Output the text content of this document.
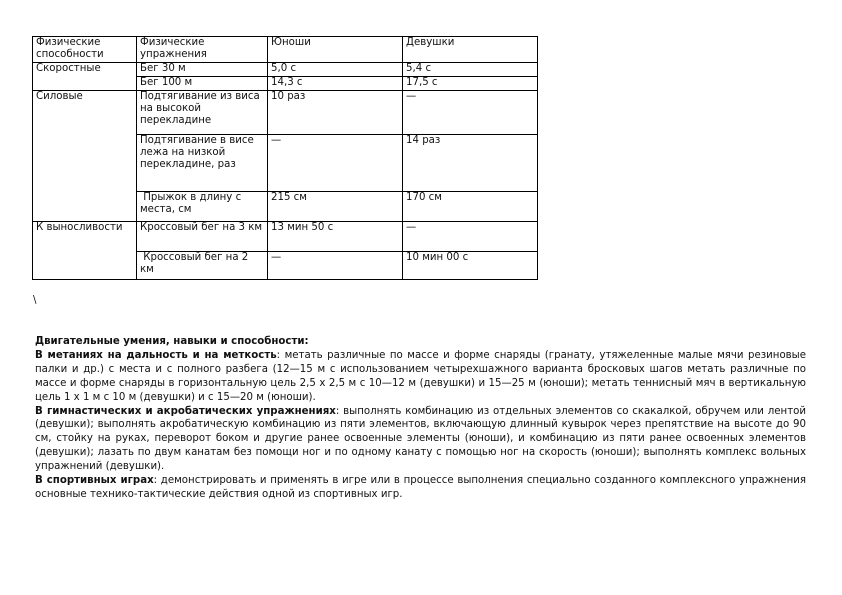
Физические способности	Физические упражнения	Юноши	Девушки
Скоростные	Бег 30 м	5,0 с	5,4 с
	Бег 100 м	14,3 с	17,5 с
Силовые	Подтягивание из виса на высокой перекладине	10 раз	—
	Подтягивание в висе лежа на низкой перекладине, раз	—	14 раз
	Прыжок в длину с места, см	215 см	170 см
К выносливости	Кроссовый бег на 3 км	13 мин 50 с	—
	Кроссовый бег на 2 км	—	10 мин 00 с
\

Двигательные умения, навыки и способности:

В метаниях на дальность и на меткость: метать различные по массе и форме снаряды (гранату, утяжеленные малые мячи резиновые палки и др.) с места и с полного разбега (12—15 м с использованием четырехшажного варианта бросковых шагов метать различные по массе и форме снаряды в горизонтальную цель 2,5 х 2,5 м с 10—12 м (девушки) и 15—25 м (юноши); метать теннисный мяч в вертикальную цель 1 х 1 м с 10 м (девушки) и с 15—20 м (юноши).

В гимнастических и акробатических упражнениях: выполнять комбинацию из отдельных элементов со скакалкой, обручем или лентой (девушки); выполнять акробатическую комбинацию из пяти элементов, включающую длинный кувырок через препятствие на высоте до 90 см, стойку на руках, переворот боком и другие ранее освоенные элементы (юноши), и комбинацию из пяти ранее освоенных элементов (девушки); лазать по двум канатам без помощи ног и по одному канату с помощью ног на скорость (юноши); выполнять комплекс вольных упражнений (девушки).

В спортивных играх: демонстрировать и применять в игре или в процессе выполнения специально созданного комплексного упражнения основные технико-тактические действия одной из спортивных игр.
